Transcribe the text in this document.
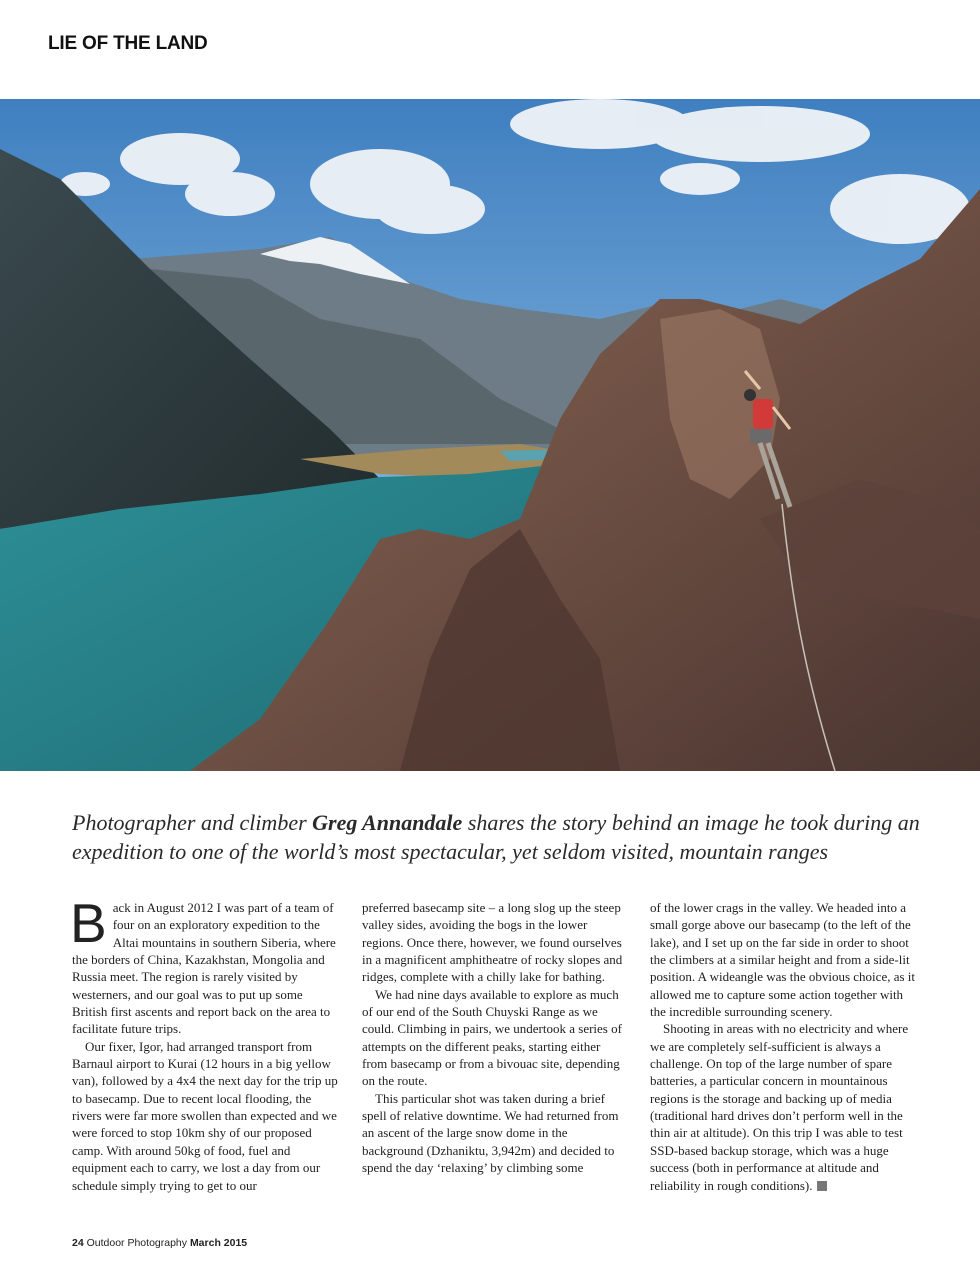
LIE OF THE LAND

Photographer and climber Greg Annandale shares the story behind an image he took during an expedition to one of the world’s most spectacular, yet seldom visited, mountain ranges

Back in August 2012 I was part of a team of four on an exploratory expedition to the Altai mountains in southern Siberia, where the borders of China, Kazakhstan, Mongolia and Russia meet. The region is rarely visited by westerners, and our goal was to put up some British first ascents and report back on the area to facilitate future trips.

Our fixer, Igor, had arranged transport from Barnaul airport to Kurai (12 hours in a big yellow van), followed by a 4x4 the next day for the trip up to basecamp. Due to recent local flooding, the rivers were far more swollen than expected and we were forced to stop 10km shy of our proposed camp. With around 50kg of food, fuel and equipment each to carry, we lost a day from our schedule simply trying to get to our

preferred basecamp site – a long slog up the steep valley sides, avoiding the bogs in the lower regions. Once there, however, we found ourselves in a magnificent amphitheatre of rocky slopes and ridges, complete with a chilly lake for bathing.

We had nine days available to explore as much of our end of the South Chuyski Range as we could. Climbing in pairs, we undertook a series of attempts on the different peaks, starting either from basecamp or from a bivouac site, depending on the route.

This particular shot was taken during a brief spell of relative downtime. We had returned from an ascent of the large snow dome in the background (Dzhaniktu, 3,942m) and decided to spend the day ‘relaxing’ by climbing some

of the lower crags in the valley. We headed into a small gorge above our basecamp (to the left of the lake), and I set up on the far side in order to shoot the climbers at a similar height and from a side-lit position. A wideangle was the obvious choice, as it allowed me to capture some action together with the incredible surrounding scenery.

Shooting in areas with no electricity and where we are completely self-sufficient is always a challenge. On top of the large number of spare batteries, a particular concern in mountainous regions is the storage and backing up of media (traditional hard drives don’t perform well in the thin air at altitude). On this trip I was able to test SSD-based backup storage, which was a huge success (both in performance at altitude and reliability in rough conditions).

24 Outdoor Photography March 2015
